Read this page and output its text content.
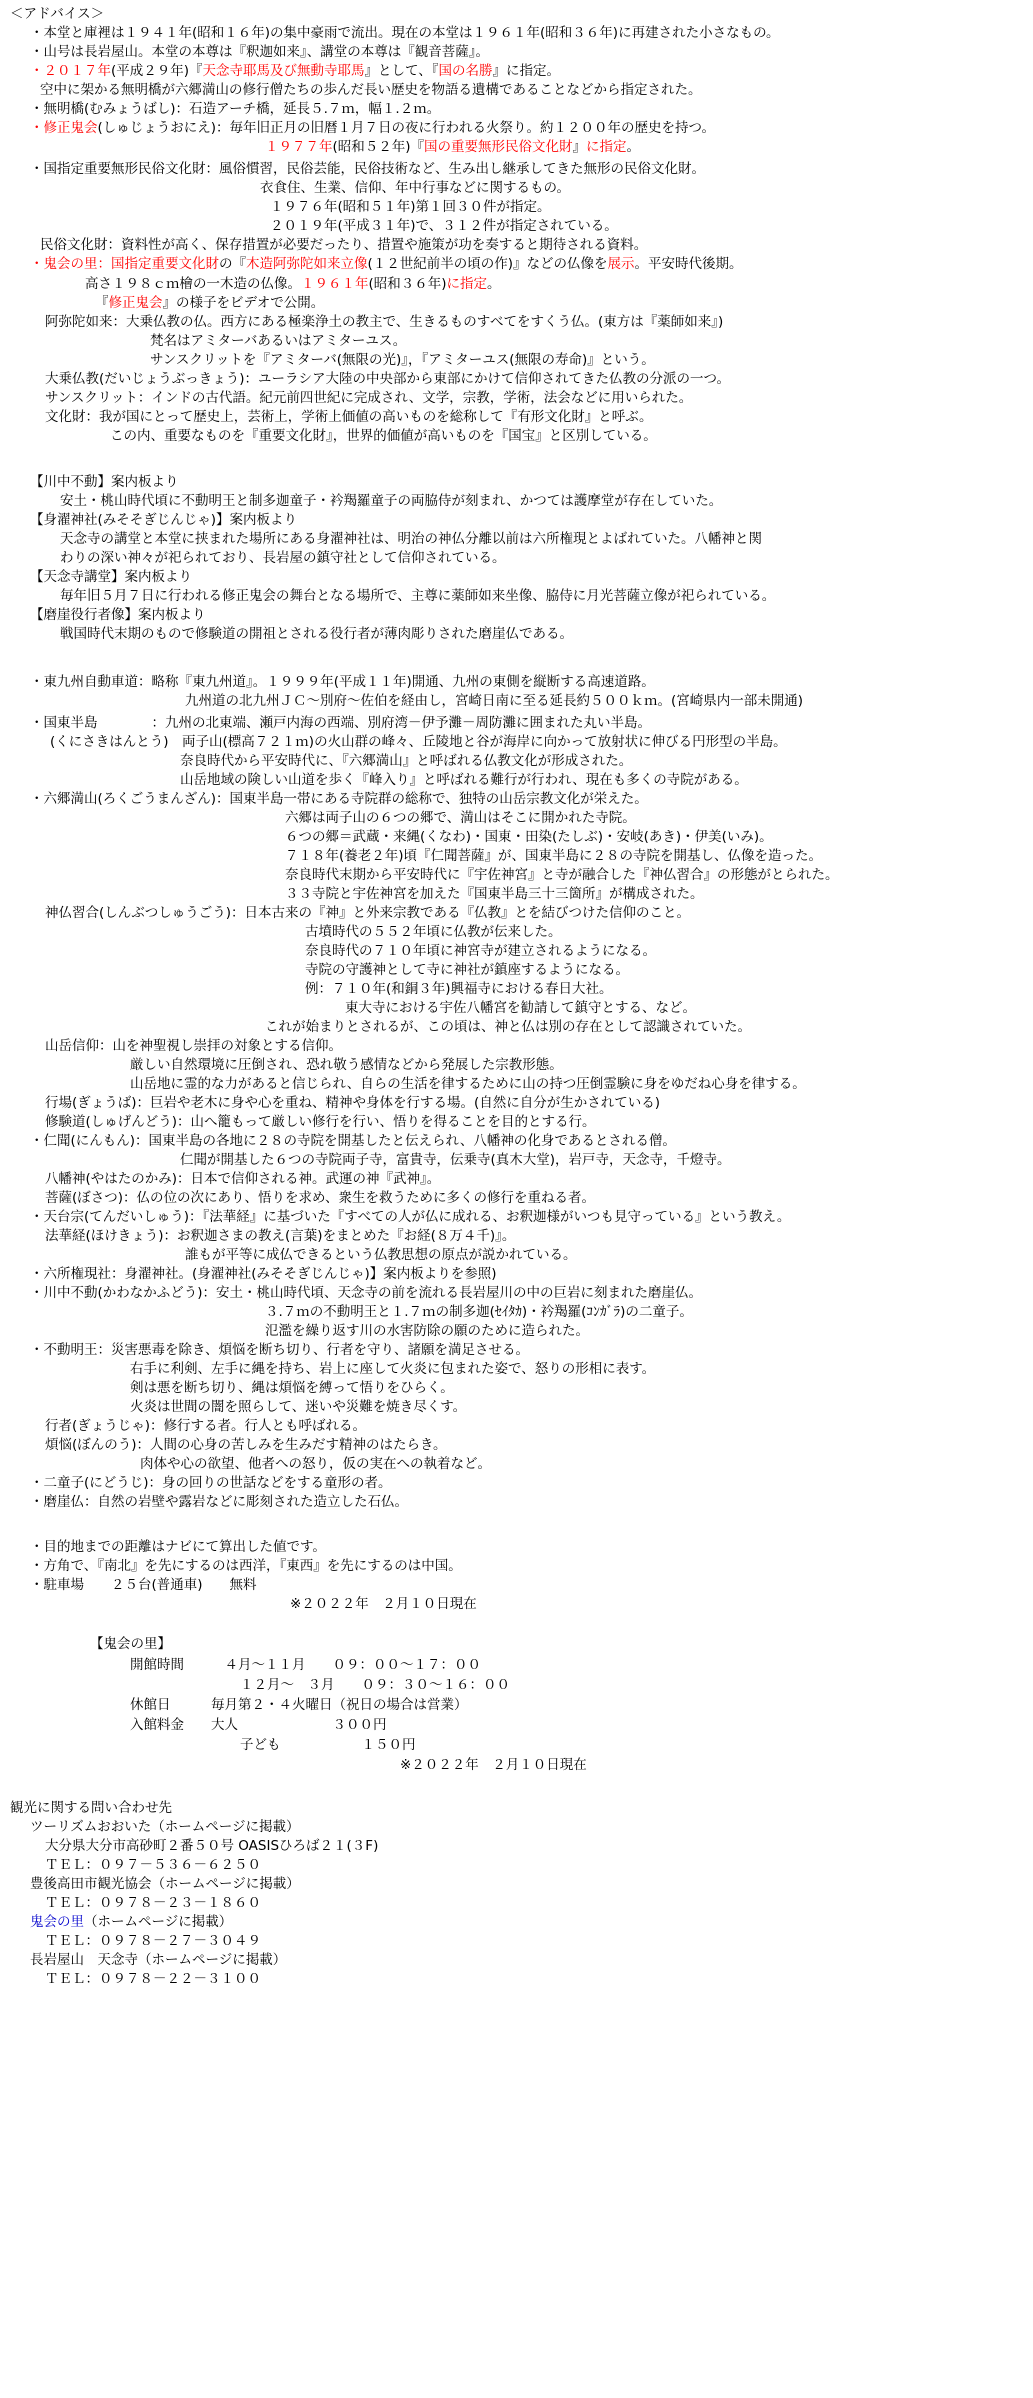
＜アドバイス＞
・本堂と庫裡は１９４１年(昭和１６年)の集中豪雨で流出。現在の本堂は１９６１年(昭和３６年)に再建された小さなもの。
・山号は長岩屋山。本堂の本尊は『釈迦如来』、講堂の本尊は『観音菩薩』。
・２０１７年(平成２９年)『天念寺耶馬及び無動寺耶馬』として、『国の名勝』に指定。
空中に架かる無明橋が六郷満山の修行僧たちの歩んだ長い歴史を物語る遺構であることなどから指定された。
・無明橋(むみょうばし)：石造アーチ橋，延長５.７ｍ，幅１.２ｍ。
・修正鬼会(しゅじょうおにえ)：毎年旧正月の旧暦１月７日の夜に行われる火祭り。約１２００年の歴史を持つ。
１９７７年(昭和５２年)『国の重要無形民俗文化財』に指定。
・国指定重要無形民俗文化財：風俗慣習，民俗芸能，民俗技術など、生み出し継承してきた無形の民俗文化財。
衣食住、生業、信仰、年中行事などに関するもの。
１９７６年(昭和５１年)第１回３０件が指定。
２０１９年(平成３１年)で、３１２件が指定されている。
民俗文化財：資料性が高く、保存措置が必要だったり、措置や施策が功を奏すると期待される資料。
・鬼会の里：国指定重要文化財の『木造阿弥陀如来立像(１２世紀前半の頃の作)』などの仏像を展示。平安時代後期。
高さ１９８ｃｍ檜の一木造の仏像。１９６１年(昭和３６年)に指定。
『修正鬼会』の様子をビデオで公開。
阿弥陀如来：大乗仏教の仏。西方にある極楽浄土の教主で、生きるものすべてをすくう仏。(東方は『薬師如来』)
梵名はアミターバあるいはアミターユス。
サンスクリットを『アミターバ(無限の光)』，『アミターユス(無限の寿命)』という。
大乗仏教(だいじょうぶっきょう)：ユーラシア大陸の中央部から東部にかけて信仰されてきた仏教の分派の一つ。
サンスクリット：インドの古代語。紀元前四世紀に完成され、文学，宗教，学術，法会などに用いられた。
文化財：我が国にとって歴史上，芸術上，学術上価値の高いものを総称して『有形文化財』と呼ぶ。
この内、重要なものを『重要文化財』，世界的価値が高いものを『国宝』と区別している。
【川中不動】案内板より
安土・桃山時代頃に不動明王と制多迦童子・衿羯羅童子の両脇侍が刻まれ、かつては護摩堂が存在していた。
【身濯神社(みそそぎじんじゃ)】案内板より
天念寺の講堂と本堂に挟まれた場所にある身濯神社は、明治の神仏分離以前は六所権現とよばれていた。八幡神と関
わりの深い神々が祀られており、長岩屋の鎮守社として信仰されている。
【天念寺講堂】案内板より
毎年旧５月７日に行われる修正鬼会の舞台となる場所で、主尊に薬師如来坐像、脇侍に月光菩薩立像が祀られている。
【磨崖役行者像】案内板より
戦国時代末期のもので修験道の開祖とされる役行者が薄肉彫りされた磨崖仏である。
・東九州自動車道：略称『東九州道』。１９９９年(平成１１年)開通、九州の東側を縦断する高速道路。
九州道の北九州ＪＣ～別府～佐伯を経由し，宮崎日南に至る延長約５００ｋｍ。(宮崎県内一部未開通)
・国東半島　　　　：九州の北東端、瀬戸内海の西端、別府湾－伊予灘－周防灘に囲まれた丸い半島。
(くにさきはんとう)　両子山(標高７２１ｍ)の火山群の峰々、丘陵地と谷が海岸に向かって放射状に伸びる円形型の半島。
奈良時代から平安時代に、『六郷満山』と呼ばれる仏教文化が形成された。
山岳地域の険しい山道を歩く『峰入り』と呼ばれる難行が行われ、現在も多くの寺院がある。
・六郷満山(ろくごうまんざん)：国東半島一帯にある寺院群の総称で、独特の山岳宗教文化が栄えた。
六郷は両子山の６つの郷で、満山はそこに開かれた寺院。
６つの郷＝武蔵・来縄(くなわ)・国東・田染(たしぶ)・安岐(あき)・伊美(いみ)。
７１８年(養老２年)頃『仁聞菩薩』が、国東半島に２８の寺院を開基し、仏像を造った。
奈良時代末期から平安時代に『宇佐神宮』と寺が融合した『神仏習合』の形態がとられた。
３３寺院と宇佐神宮を加えた『国東半島三十三箇所』が構成された。
神仏習合(しんぶつしゅうごう)：日本古来の『神』と外来宗教である『仏教』とを結びつけた信仰のこと。
古墳時代の５５２年頃に仏教が伝来した。
奈良時代の７１０年頃に神宮寺が建立されるようになる。
寺院の守護神として寺に神社が鎮座するようになる。
例：７１０年(和銅３年)興福寺における春日大社。
東大寺における宇佐八幡宮を勧請して鎮守とする、など。
これが始まりとされるが、この頃は、神と仏は別の存在として認識されていた。
山岳信仰：山を神聖視し崇拝の対象とする信仰。
厳しい自然環境に圧倒され、恐れ敬う感情などから発展した宗教形態。
山岳地に霊的な力があると信じられ、自らの生活を律するために山の持つ圧倒霊験に身をゆだね心身を律する。
行場(ぎょうば)：巨岩や老木に身や心を重ね、精神や身体を行する場。(自然に自分が生かされている)
修験道(しゅげんどう)：山へ籠もって厳しい修行を行い、悟りを得ることを目的とする行。
・仁聞(にんもん)：国東半島の各地に２８の寺院を開基したと伝えられ、八幡神の化身であるとされる僧。
仁聞が開基した６つの寺院両子寺，富貴寺，伝乗寺(真木大堂)，岩戸寺，天念寺，千燈寺。
八幡神(やはたのかみ)：日本で信仰される神。武運の神『武神』。
菩薩(ぼさつ)：仏の位の次にあり、悟りを求め、衆生を救うために多くの修行を重ねる者。
・天台宗(てんだいしゅう)：『法華経』に基づいた『すべての人が仏に成れる、お釈迦様がいつも見守っている』という教え。
法華経(ほけきょう)：お釈迦さまの教え(言葉)をまとめた『お経(８万４千)』。
誰もが平等に成仏できるという仏教思想の原点が説かれている。
・六所権現社：身濯神社。(身濯神社(みそそぎじんじゃ)】案内板よりを参照)
・川中不動(かわなかふどう)：安土・桃山時代頃、天念寺の前を流れる長岩屋川の中の巨岩に刻まれた磨崖仏。
３.７ｍの不動明王と１.７ｍの制多迦(ｾｲﾀｶ)・衿羯羅(ｺﾝｶﾞﾗ)の二童子。
氾濫を繰り返す川の水害防除の願のために造られた。
・不動明王：災害悪毒を除き、煩悩を断ち切り、行者を守り、諸願を満足させる。
右手に利剣、左手に縄を持ち、岩上に座して火炎に包まれた姿で、怒りの形相に表す。
剣は悪を断ち切り、縄は煩悩を縛って悟りをひらく。
火炎は世間の闇を照らして、迷いや災難を焼き尽くす。
行者(ぎょうじゃ)：修行する者。行人とも呼ばれる。
煩悩(ぼんのう)：人間の心身の苦しみを生みだす精神のはたらき。
肉体や心の欲望、他者への怒り，仮の実在への執着など。
・二童子(にどうじ)：身の回りの世話などをする童形の者。
・磨崖仏：自然の岩壁や露岩などに彫刻された造立した石仏。
・目的地までの距離はナビにて算出した値です。
・方角で、『南北』を先にするのは西洋，『東西』を先にするのは中国。
・駐車場　　２５台(普通車)　　無料
※２０２２年　２月１０日現在
【鬼会の里】
開館時間　　　４月～１１月　　０９：００～１７：００
１２月～　３月　　０９：３０～１６：００
休館日　　　毎月第２・４火曜日（祝日の場合は営業）
入館料金　　大人　　　　　　　３００円
子ども　　　　　　１５０円
※２０２２年　２月１０日現在
観光に関する問い合わせ先
ツーリズムおおいた（ホームページに掲載）
大分県大分市高砂町２番５０号 OASISひろば２１(３F)
ＴＥＬ：０９７－５３６－６２５０
豊後高田市観光協会（ホームページに掲載）
ＴＥＬ：０９７８－２３－１８６０
鬼会の里（ホームページに掲載）
ＴＥＬ：０９７８－２７－３０４９
長岩屋山　天念寺（ホームページに掲載）
ＴＥＬ：０９７８－２２－３１００
